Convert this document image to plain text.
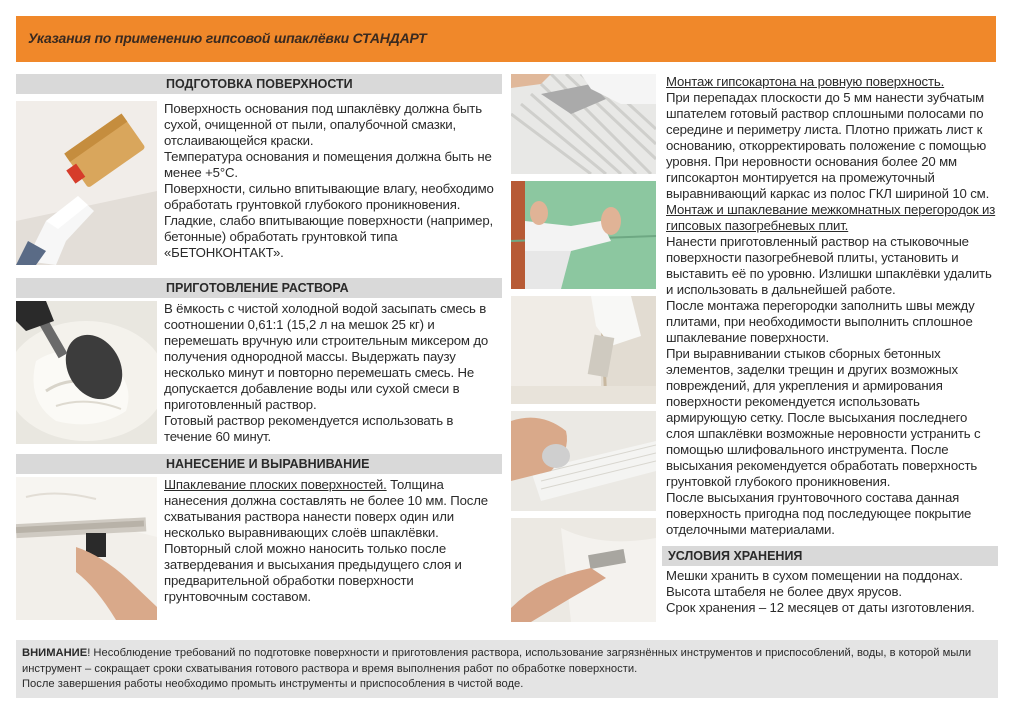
Указания по применению гипсовой шпаклёвки СТАНДАРТ
ПОДГОТОВКА ПОВЕРХНОСТИ

Поверхность основания под шпаклёвку должна быть сухой, очищенной от пыли, опалубочной смазки, отслаивающейся краски.

Температура основания и помещения должна быть не менее +5°С.

Поверхности, сильно впитывающие влагу, необходимо обработать грунтовкой глубокого проникновения. Гладкие, слабо впитывающие поверхности (например, бетонные) обработать грунтовкой типа «БЕТОНКОНТАКТ».

ПРИГОТОВЛЕНИЕ РАСТВОРА

В ёмкость с чистой холодной водой засыпать смесь в соотношении 0,61:1 (15,2 л на мешок 25 кг) и перемешать вручную или строительным миксером до получения однородной массы. Выдержать паузу несколько минут и повторно перемешать смесь. Не допускается добавление воды или сухой смеси в приготовленный раствор.

Готовый раствор рекомендуется использовать в течение 60 минут.

НАНЕСЕНИЕ И ВЫРАВНИВАНИЕ

Шпаклевание плоских поверхностей. Толщина нанесения должна составлять не более 10 мм. После схватывания раствора нанести поверх один или несколько выравнивающих слоёв шпаклёвки. Повторный слой можно наносить только после затвердевания и высыхания предыдущего слоя и предварительной обработки поверхности грунтовочным составом.

Монтаж гипсокартона на ровную поверхность.

При перепадах плоскости до 5 мм нанести зубчатым шпателем готовый раствор сплошными полосами по середине и периметру листа. Плотно прижать лист к основанию, откорректировать положение с помощью уровня. При неровности основания более 20 мм гипсокартон монтируется на промежуточный выравнивающий каркас из полос ГКЛ шириной 10 см.

Монтаж и шпаклевание межкомнатных перегородок из гипсовых пазогребневых плит.

Нанести приготовленный раствор на стыковочные поверхности пазогребневой плиты, установить и выставить её по уровню. Излишки шпаклёвки удалить и использовать в дальнейшей работе.

После монтажа перегородки заполнить швы между плитами, при необходимости выполнить сплошное шпаклевание поверхности.

При выравнивании стыков сборных бетонных элементов, заделки трещин и других возможных повреждений, для укрепления и армирования поверхности рекомендуется использовать армирующую сетку. После высыхания последнего слоя шпаклёвки возможные неровности устранить с помощью шлифовального инструмента. После высыхания рекомендуется обработать поверхность грунтовкой глубокого проникновения.

После высыхания грунтовочного состава данная поверхность пригодна под последующее покрытие отделочными материалами.

УСЛОВИЯ ХРАНЕНИЯ

Мешки хранить в сухом помещении на поддонах.

Высота штабеля не более двух ярусов.

Срок хранения – 12 месяцев от даты изготовления.

ВНИМАНИЕ! Несоблюдение требований по подготовке поверхности и приготовления раствора, использование загрязнённых инструментов и приспособлений, воды, в которой мыли инструмент – сокращает сроки схватывания готового раствора и время выполнения работ по обработке поверхности.

После завершения работы необходимо промыть инструменты и приспособления в чистой воде.
